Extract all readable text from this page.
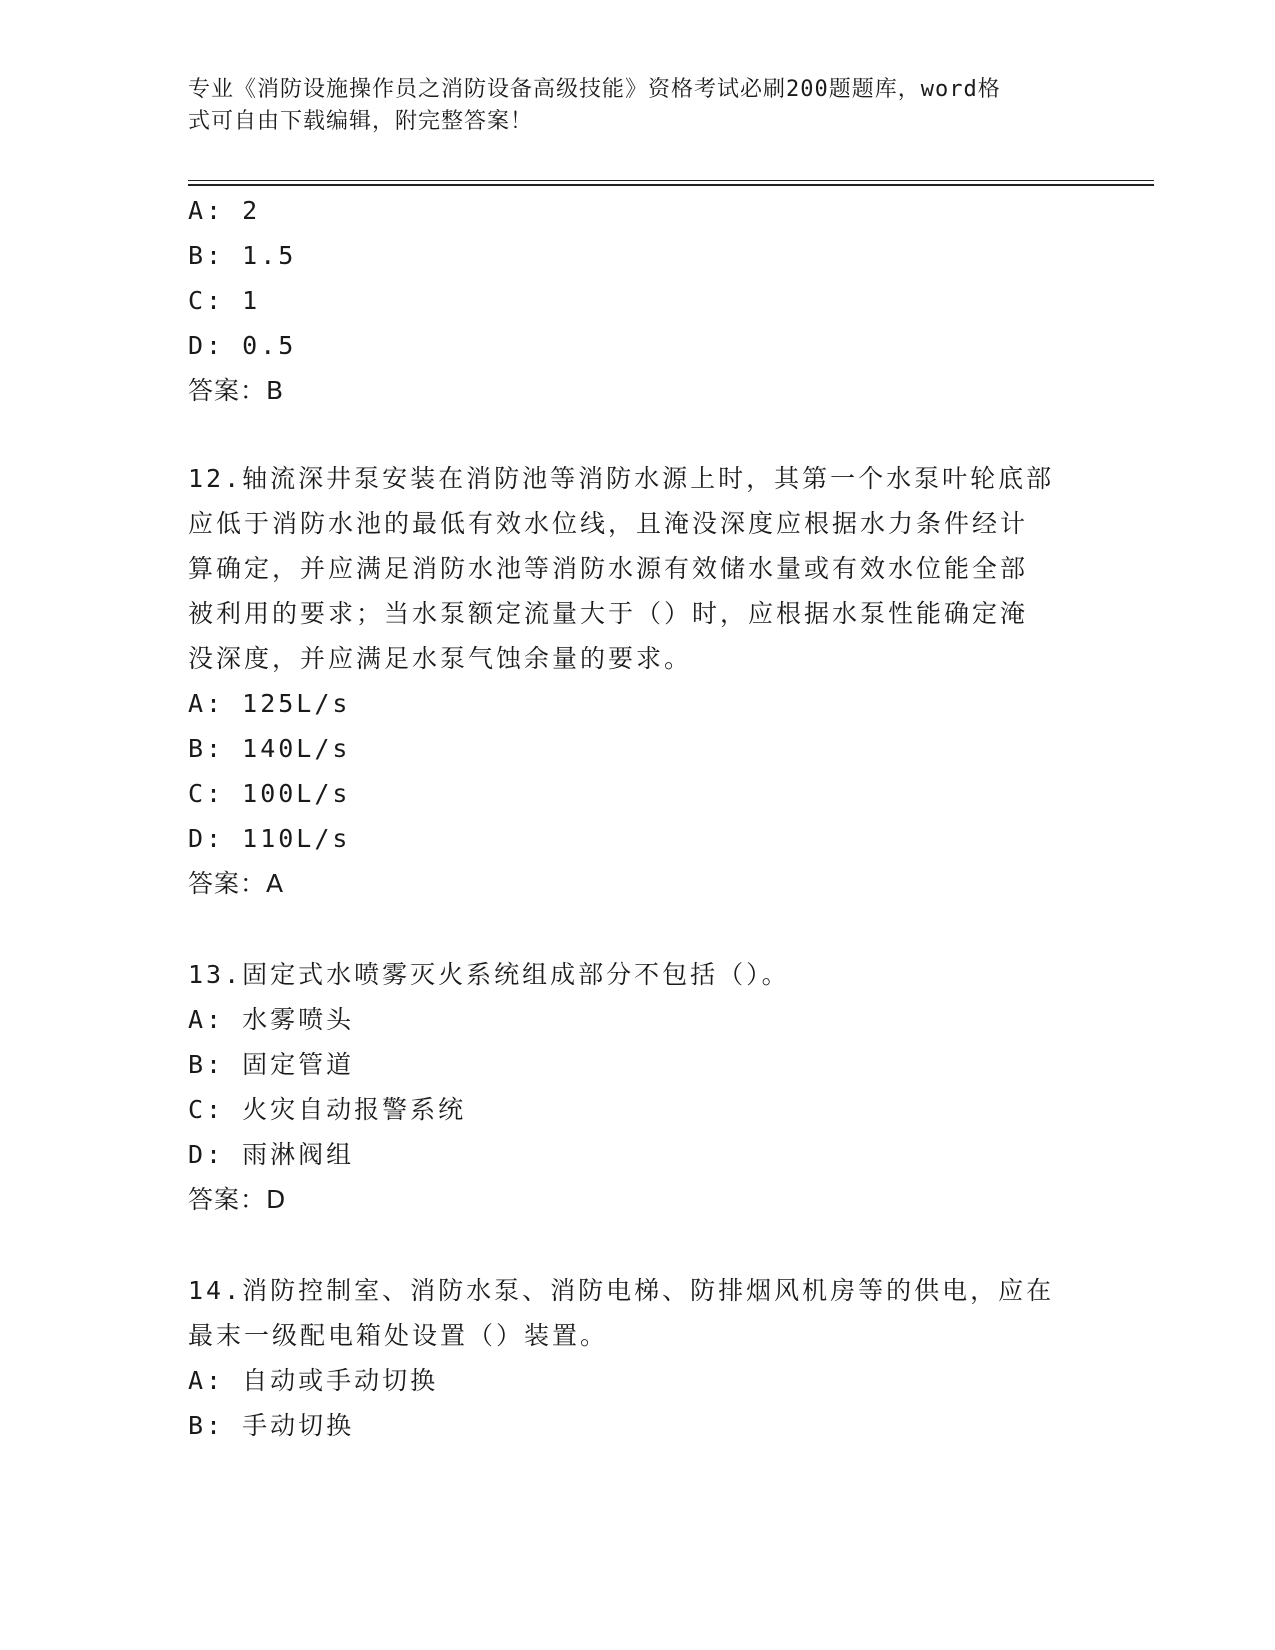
专业《消防设施操作员之消防设备高级技能》资格考试必刷200题题库，word格
式可自由下载编辑，附完整答案！
A: 2
B: 1.5
C: 1
D: 0.5
答案：B
12.轴流深井泵安装在消防池等消防水源上时，其第一个水泵叶轮底部
应低于消防水池的最低有效水位线，且淹没深度应根据水力条件经计
算确定，并应满足消防水池等消防水源有效储水量或有效水位能全部
被利用的要求；当水泵额定流量大于（）时，应根据水泵性能确定淹
没深度，并应满足水泵气蚀余量的要求。
A: 125L/s
B: 140L/s
C: 100L/s
D: 110L/s
答案：A
13.固定式水喷雾灭火系统组成部分不包括（）。
A: 水雾喷头
B: 固定管道
C: 火灾自动报警系统
D: 雨淋阀组
答案：D
14.消防控制室、消防水泵、消防电梯、防排烟风机房等的供电，应在
最末一级配电箱处设置（）装置。
A: 自动或手动切换
B: 手动切换
